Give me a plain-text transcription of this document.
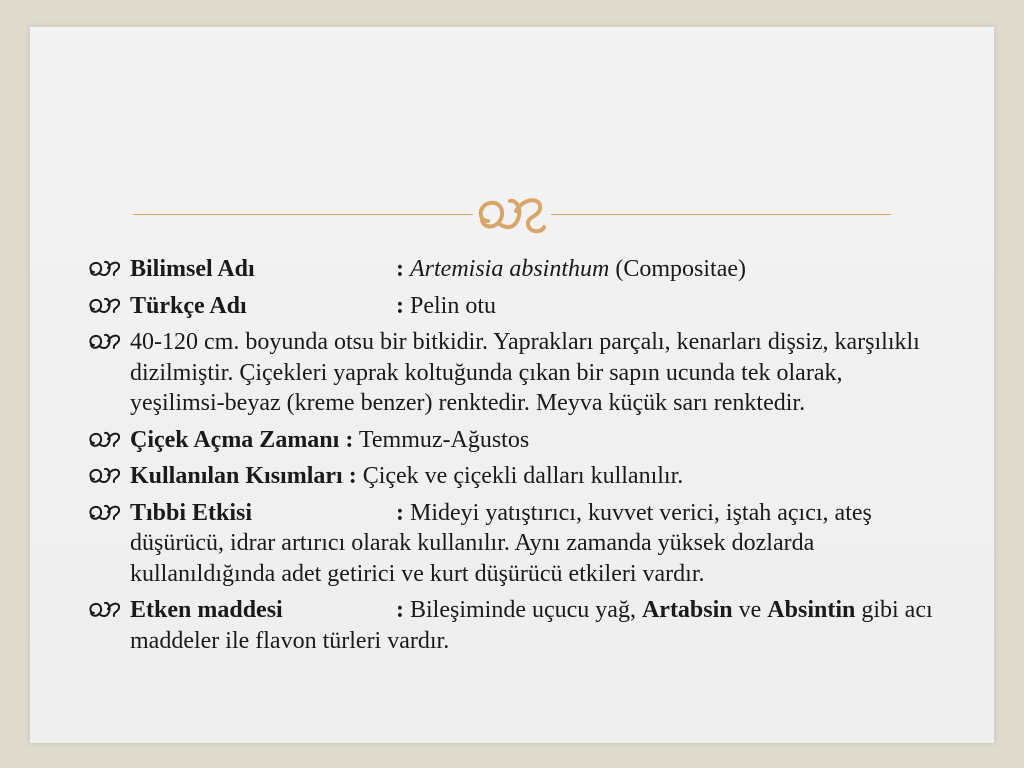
Bilimsel Adı	: Artemisia absinthum (Compositae)
Türkçe Adı	: Pelin otu
40-120 cm. boyunda otsu bir bitkidir. Yaprakları parçalı, kenarları dişsiz, karşılıklı dizilmiştir. Çiçekleri yaprak koltuğunda çıkan bir sapın ucunda tek olarak, yeşilimsi-beyaz (kreme benzer) renktedir. Meyva küçük sarı renktedir.
Çiçek Açma Zamanı : Temmuz-Ağustos
Kullanılan Kısımları : Çiçek ve çiçekli dalları kullanılır.
Tıbbi Etkisi	: Mideyi yatıştırıcı, kuvvet verici, iştah açıcı, ateş düşürücü, idrar artırıcı olarak kullanılır. Aynı zamanda yüksek dozlarda kullanıldığında adet getirici ve kurt düşürücü etkileri vardır.
Etken maddesi	: Bileşiminde uçucu yağ, Artabsin ve Absintin gibi acı maddeler ile flavon türleri vardır.
